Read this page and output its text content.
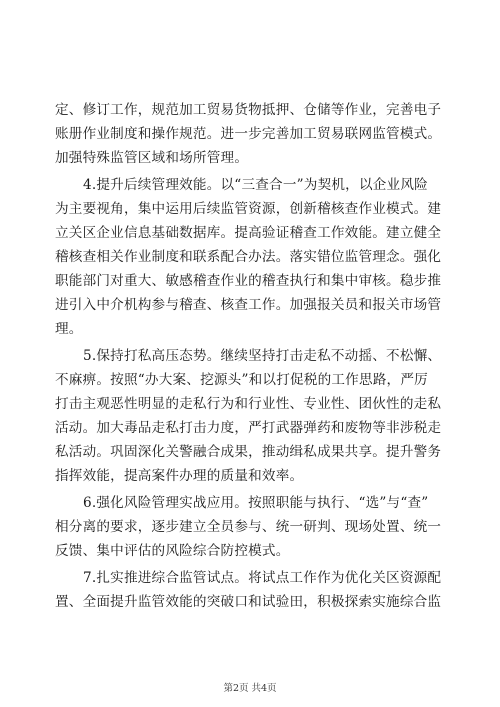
定、修订工作，规范加工贸易货物抵押、仓储等作业，完善电子
账册作业制度和操作规范。进一步完善加工贸易联网监管模式。
加强特殊监管区域和场所管理。
4.提升后续管理效能。以“三查合一”为契机，以企业风险
为主要视角，集中运用后续监管资源，创新稽核查作业模式。建
立关区企业信息基础数据库。提高验证稽查工作效能。建立健全
稽核查相关作业制度和联系配合办法。落实错位监管理念。强化
职能部门对重大、敏感稽查作业的稽查执行和集中审核。稳步推
进引入中介机构参与稽查、核查工作。加强报关员和报关市场管
理。
5.保持打私高压态势。继续坚持打击走私不动摇、不松懈、
不麻痹。按照“办大案、挖源头”和以打促税的工作思路，严厉
打击主观恶性明显的走私行为和行业性、专业性、团伙性的走私
活动。加大毒品走私打击力度，严打武器弹药和废物等非涉税走
私活动。巩固深化关警融合成果，推动缉私成果共享。提升警务
指挥效能，提高案件办理的质量和效率。
6.强化风险管理实战应用。按照职能与执行、“选”与“查”
相分离的要求，逐步建立全员参与、统一研判、现场处置、统一
反馈、集中评估的风险综合防控模式。
7.扎实推进综合监管试点。将试点工作作为优化关区资源配
置、全面提升监管效能的突破口和试验田，积极探索实施综合监
第2页 共4页
